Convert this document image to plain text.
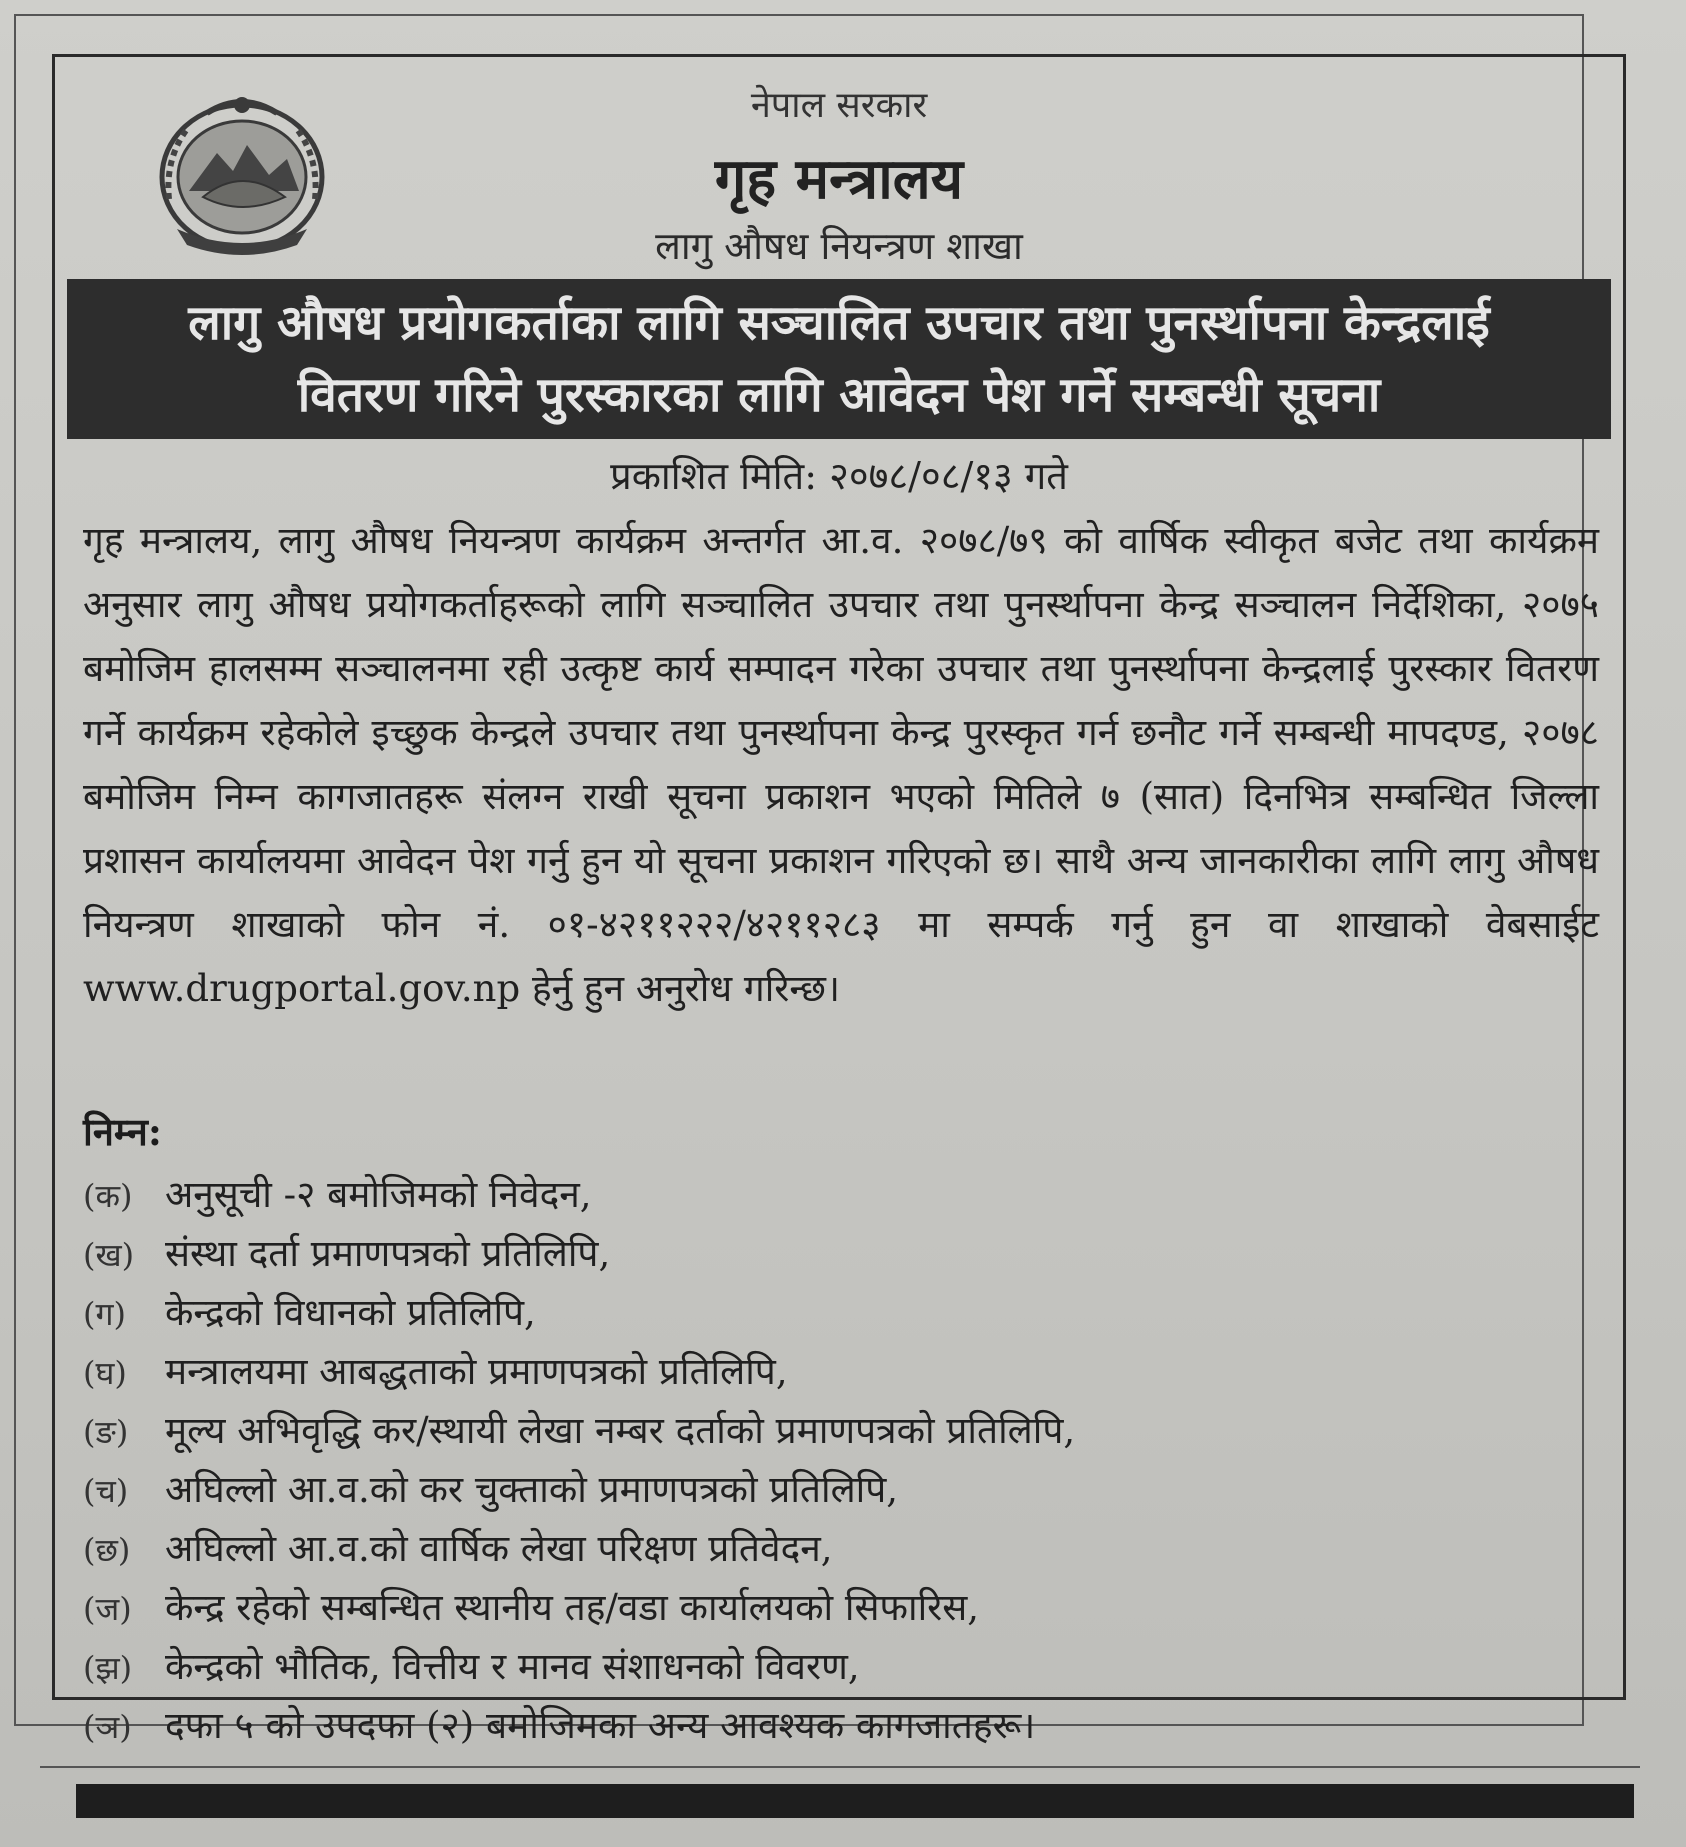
नेपाल सरकार
गृह मन्त्रालय
लागु औषध नियन्त्रण शाखा
लागु औषध प्रयोगकर्ताका लागि सञ्चालित उपचार तथा पुनर्स्थापना केन्द्रलाई
वितरण गरिने पुरस्कारका लागि आवेदन पेश गर्ने सम्बन्धी सूचना
प्रकाशित मिति: २०७८/०८/१३ गते
गृह मन्त्रालय, लागु औषध नियन्त्रण कार्यक्रम अन्तर्गत आ.व. २०७८/७९ को वार्षिक स्वीकृत बजेट तथा कार्यक्रम अनुसार लागु औषध प्रयोगकर्ताहरूको लागि सञ्चालित उपचार तथा पुनर्स्थापना केन्द्र सञ्चालन निर्देशिका, २०७५ बमोजिम हालसम्म सञ्चालनमा रही उत्कृष्ट कार्य सम्पादन गरेका उपचार तथा पुनर्स्थापना केन्द्रलाई पुरस्कार वितरण गर्ने कार्यक्रम रहेकोले इच्छुक केन्द्रले उपचार तथा पुनर्स्थापना केन्द्र पुरस्कृत गर्न छनौट गर्ने सम्बन्धी मापदण्ड, २०७८ बमोजिम निम्न कागजातहरू संलग्न राखी सूचना प्रकाशन भएको मितिले ७ (सात) दिनभित्र सम्बन्धित जिल्ला प्रशासन कार्यालयमा आवेदन पेश गर्नु हुन यो सूचना प्रकाशन गरिएको छ। साथै अन्य जानकारीका लागि लागु औषध नियन्त्रण शाखाको फोन नं. ०१-४२११२२२/४२११२८३ मा सम्पर्क गर्नु हुन वा शाखाको वेबसाईट www.drugportal.gov.np हेर्नु हुन अनुरोध गरिन्छ।
निम्न:
(क) अनुसूची -२ बमोजिमको निवेदन,
(ख) संस्था दर्ता प्रमाणपत्रको प्रतिलिपि,
(ग) केन्द्रको विधानको प्रतिलिपि,
(घ) मन्त्रालयमा आबद्धताको प्रमाणपत्रको प्रतिलिपि,
(ङ) मूल्य अभिवृद्धि कर/स्थायी लेखा नम्बर दर्ताको प्रमाणपत्रको प्रतिलिपि,
(च) अघिल्लो आ.व.को कर चुक्ताको प्रमाणपत्रको प्रतिलिपि,
(छ) अघिल्लो आ.व.को वार्षिक लेखा परिक्षण प्रतिवेदन,
(ज) केन्द्र रहेको सम्बन्धित स्थानीय तह/वडा कार्यालयको सिफारिस,
(झ) केन्द्रको भौतिक, वित्तीय र मानव संशाधनको विवरण,
(ञ) दफा ५ को उपदफा (२) बमोजिमका अन्य आवश्यक कागजातहरू।
